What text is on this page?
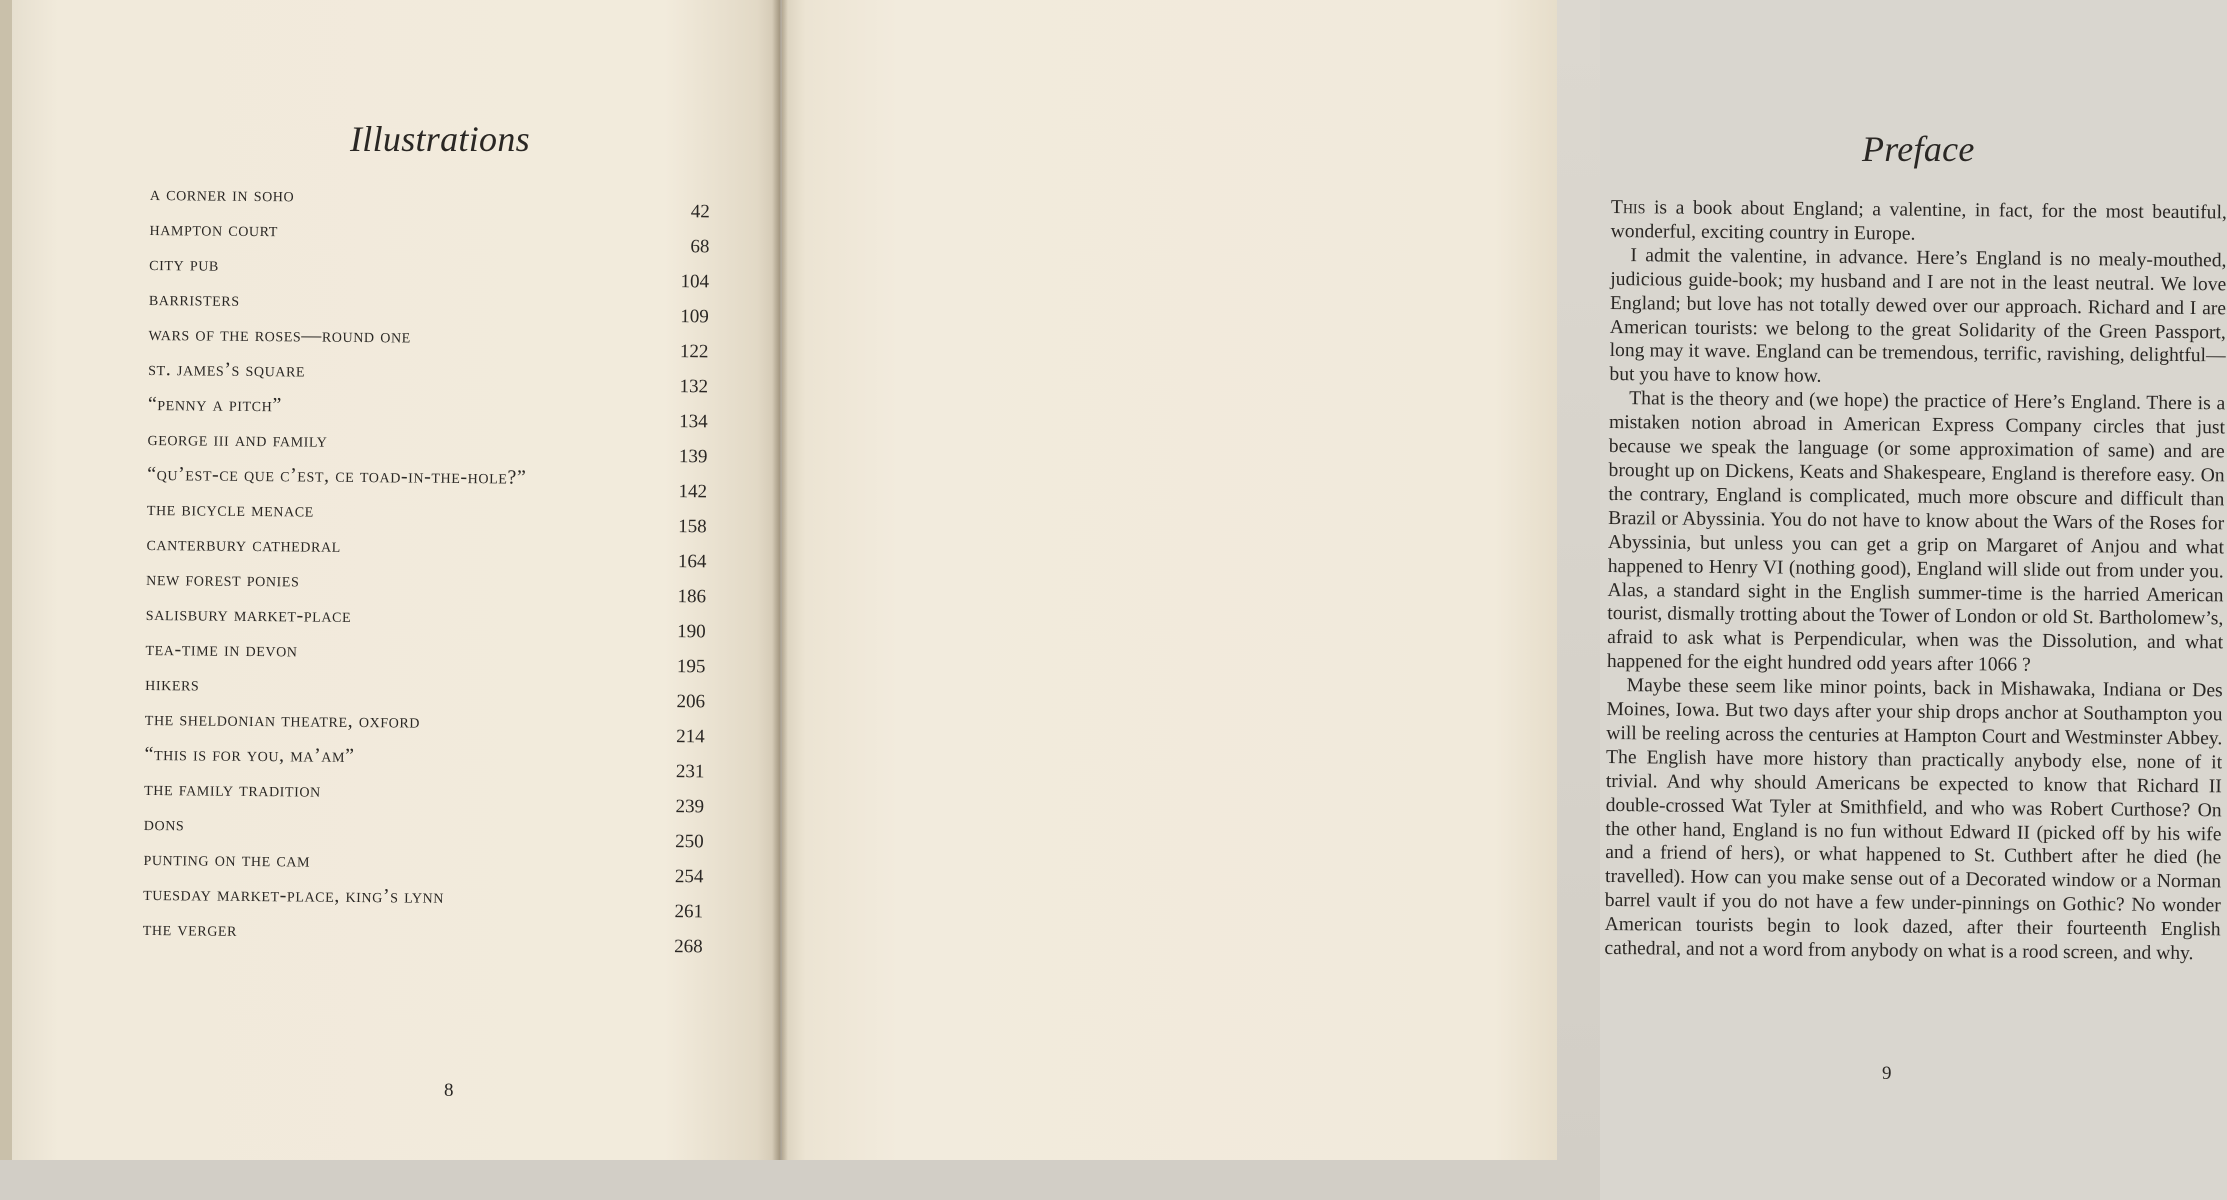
Illustrations
a corner in soho
42
hampton court
68
city pub
104
barristers
109
wars of the roses—round one
122
st. james’s square
132
“penny a pitch”
134
george iii and family
139
“qu’est-ce que c’est, ce toad-in-the-hole?”
142
the bicycle menace
158
canterbury cathedral
164
new forest ponies
186
salisbury market-place
190
tea-time in devon
195
hikers
206
the sheldonian theatre, oxford
214
“this is for you, ma’am”
231
the family tradition
239
dons
250
punting on the cam
254
tuesday market-place, king’s lynn
261
the verger
268
8
Preface

This is a book about England; a valentine, in fact, for the most beautiful, wonderful, exciting country in Europe.

I admit the valentine, in advance. Here’s England is no mealy-mouthed, judicious guide-book; my husband and I are not in the least neutral. We love England; but love has not totally dewed over our approach. Richard and I are American tourists: we belong to the great Solidarity of the Green Passport, long may it wave. England can be tremendous, terrific, ravishing, delightful—but you have to know how.

That is the theory and (we hope) the practice of Here’s England. There is a mistaken notion abroad in American Express Company circles that just because we speak the language (or some approximation of same) and are brought up on Dickens, Keats and Shakespeare, England is therefore easy. On the contrary, England is complicated, much more obscure and difficult than Brazil or Abyssinia. You do not have to know about the Wars of the Roses for Abyssinia, but unless you can get a grip on Margaret of Anjou and what happened to Henry VI (nothing good), England will slide out from under you. Alas, a standard sight in the English summer-time is the harried American tourist, dismally trotting about the Tower of London or old St. Bartholomew’s, afraid to ask what is Perpendicular, when was the Dissolution, and what happened for the eight hundred odd years after 1066 ?

Maybe these seem like minor points, back in Mishawaka, Indiana or Des Moines, Iowa. But two days after your ship drops anchor at Southampton you will be reeling across the centuries at Hampton Court and Westminster Abbey. The English have more history than practically anybody else, none of it trivial. And why should Americans be expected to know that Richard II double-crossed Wat Tyler at Smithfield, and who was Robert Curthose? On the other hand, England is no fun without Edward II (picked off by his wife and a friend of hers), or what happened to St. Cuthbert after he died (he travelled). How can you make sense out of a Decorated window or a Norman barrel vault if you do not have a few under-pinnings on Gothic? No wonder American tourists begin to look dazed, after their fourteenth English cathedral, and not a word from anybody on what is a rood screen, and why.

9
